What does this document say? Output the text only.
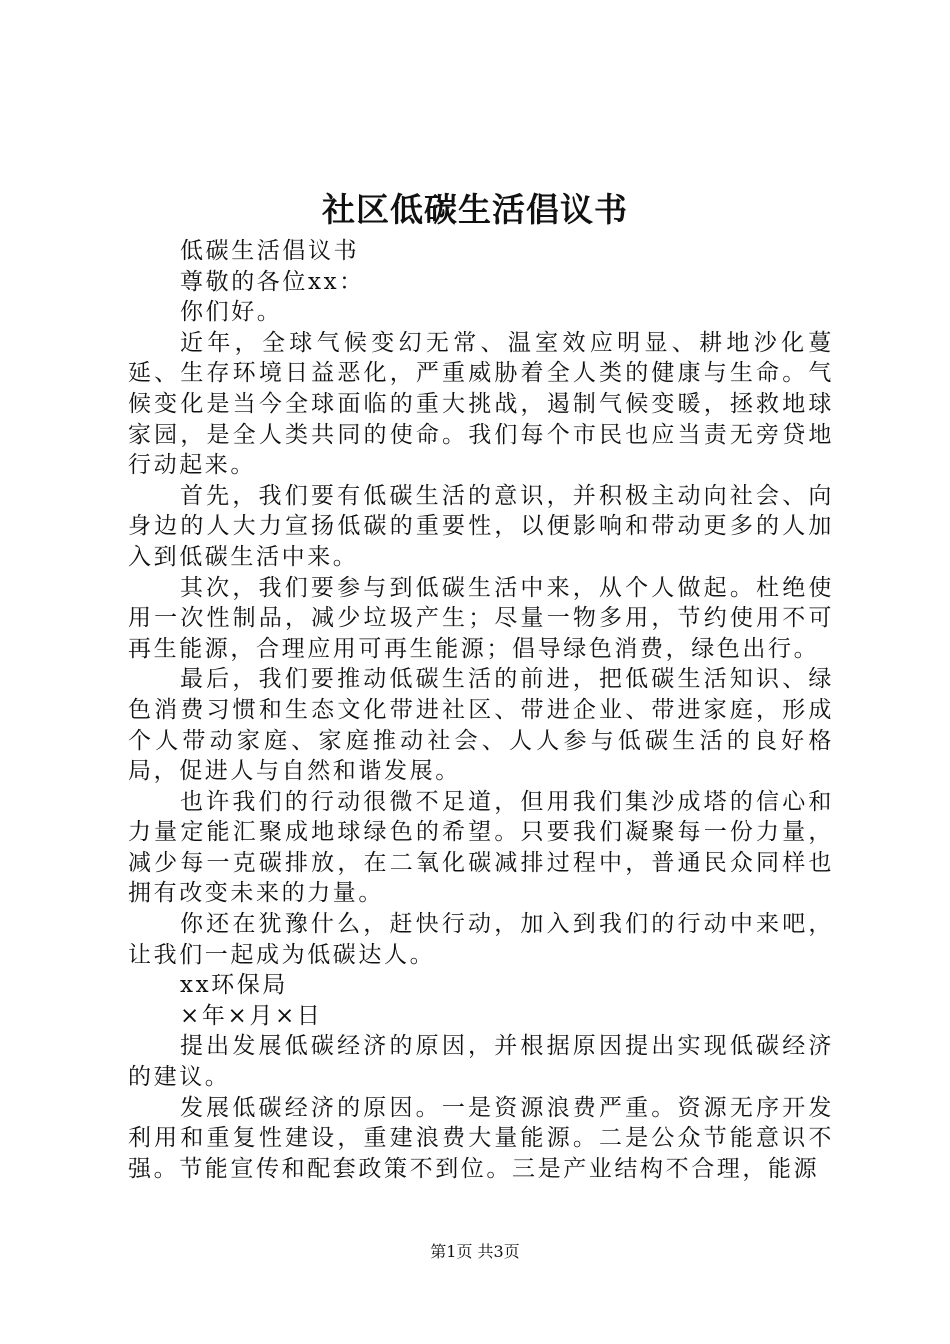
社区低碳生活倡议书

低碳生活倡议书

尊敬的各位xx：

你们好。

近年，全球气候变幻无常、温室效应明显、耕地沙化蔓延、生存环境日益恶化，严重威胁着全人类的健康与生命。气候变化是当今全球面临的重大挑战，遏制气候变暖，拯救地球家园，是全人类共同的使命。我们每个市民也应当责无旁贷地行动起来。

首先，我们要有低碳生活的意识，并积极主动向社会、向身边的人大力宣扬低碳的重要性，以便影响和带动更多的人加入到低碳生活中来。

其次，我们要参与到低碳生活中来，从个人做起。杜绝使用一次性制品，减少垃圾产生；尽量一物多用，节约使用不可再生能源，合理应用可再生能源；倡导绿色消费，绿色出行。

最后，我们要推动低碳生活的前进，把低碳生活知识、绿色消费习惯和生态文化带进社区、带进企业、带进家庭，形成个人带动家庭、家庭推动社会、人人参与低碳生活的良好格局，促进人与自然和谐发展。

也许我们的行动很微不足道，但用我们集沙成塔的信心和力量定能汇聚成地球绿色的希望。只要我们凝聚每一份力量，减少每一克碳排放，在二氧化碳减排过程中，普通民众同样也拥有改变未来的力量。

你还在犹豫什么，赶快行动，加入到我们的行动中来吧，让我们一起成为低碳达人。

xx环保局

×年×月×日

提出发展低碳经济的原因，并根据原因提出实现低碳经济的建议。

发展低碳经济的原因。一是资源浪费严重。资源无序开发利用和重复性建设，重建浪费大量能源。二是公众节能意识不强。节能宣传和配套政策不到位。三是产业结构不合理，能源

第1页 共3页
